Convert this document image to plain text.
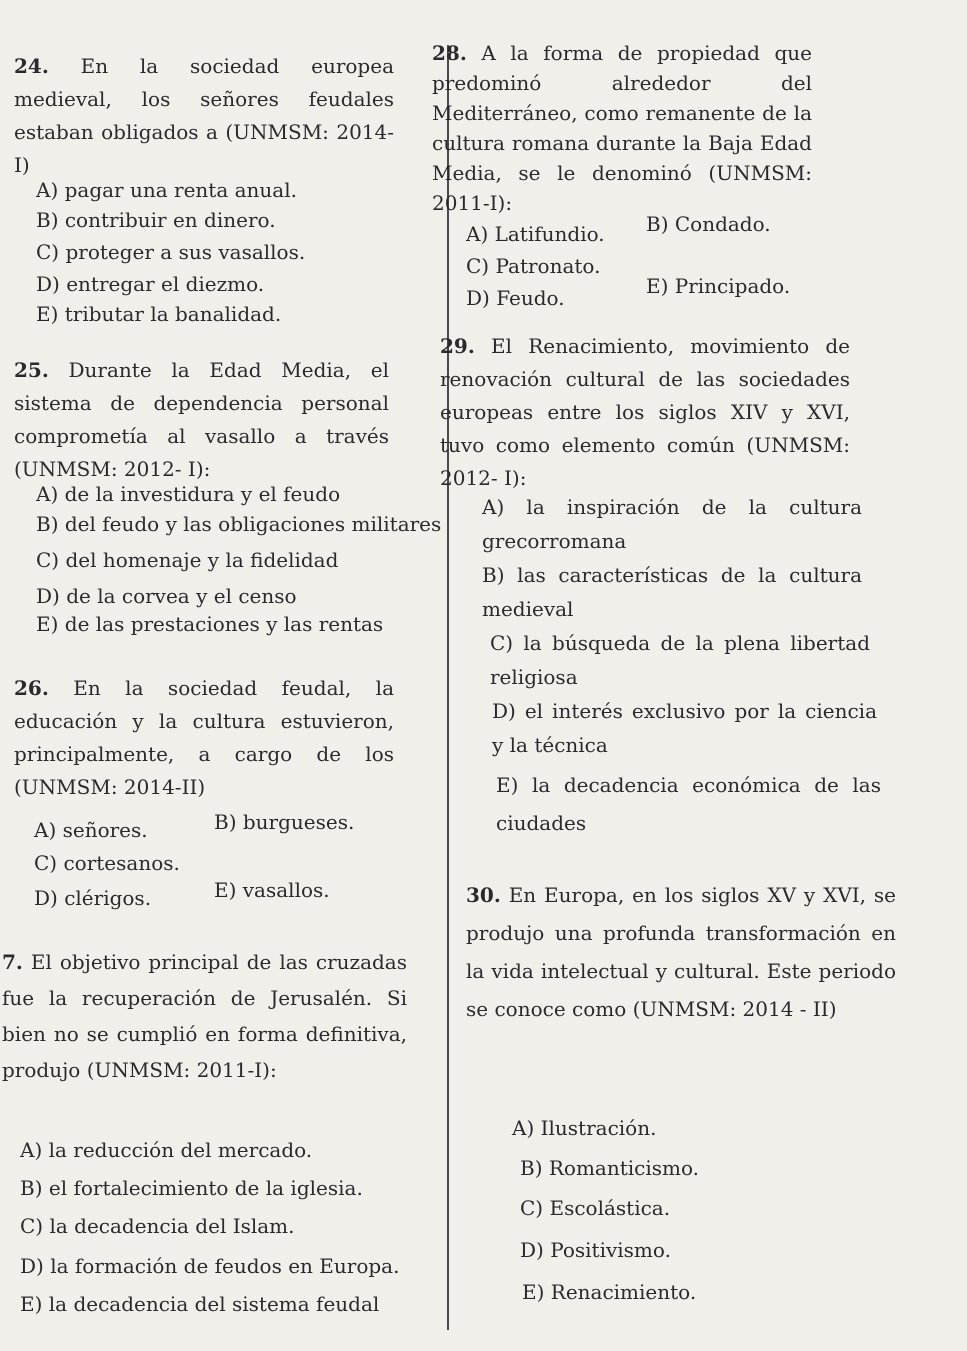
24. En la sociedad europea medieval, los señores feudales estaban obligados a (UNMSM: 2014-I)
A) pagar una renta anual.
B) contribuir en dinero.
C) proteger a sus vasallos.
D) entregar el diezmo.
E) tributar la banalidad.
25. Durante la Edad Media, el sistema de dependencia personal comprometía al vasallo a través (UNMSM: 2012- I):
A) de la investidura y el feudo
B) del feudo y las obligaciones militares
C) del homenaje y la fidelidad
D) de la corvea y el censo
E) de las prestaciones y las rentas
26. En la sociedad feudal, la educación y la cultura estuvieron, principalmente, a cargo de los (UNMSM: 2014-II)
A) señores.	B) burgueses.
C) cortesanos.
D) clérigos.	E) vasallos.
7. El objetivo principal de las cruzadas fue la recuperación de Jerusalén. Si bien no se cumplió en forma definitiva, produjo (UNMSM: 2011-I):
A) la reducción del mercado.
B) el fortalecimiento de la iglesia.
C) la decadencia del Islam.
D) la formación de feudos en Europa.
E) la decadencia del sistema feudal
28. A la forma de propiedad que predominó alrededor del Mediterráneo, como remanente de la cultura romana durante la Baja Edad Media, se le denominó (UNMSM: 2011-I):
A) Latifundio. B) Condado.
C) Patronato.
D) Feudo.	E) Principado.
29. El Renacimiento, movimiento de renovación cultural de las sociedades europeas entre los siglos XIV y XVI, tuvo como elemento común (UNMSM: 2012- I):
A) la inspiración de la cultura grecorromana
B) las características de la cultura medieval
C) la búsqueda de la plena libertad religiosa
D) el interés exclusivo por la ciencia y la técnica
E) la decadencia económica de las ciudades
30. En Europa, en los siglos XV y XVI, se produjo una profunda transformación en la vida intelectual y cultural. Este periodo se conoce como (UNMSM: 2014 - II)
A) Ilustración.
B) Romanticismo.
C) Escolástica.
D) Positivismo.
E) Renacimiento.
